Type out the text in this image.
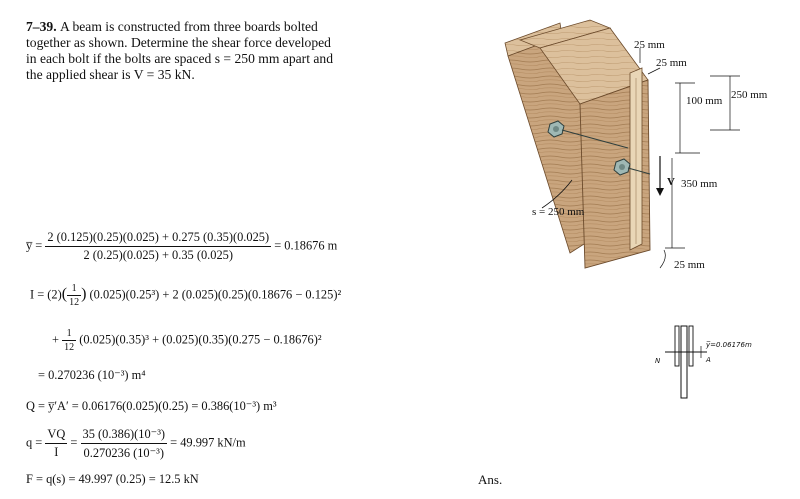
7–39. A beam is constructed from three boards bolted

together as shown. Determine the shear force developed

in each bolt if the bolts are spaced s = 250 mm apart and

the applied shear is V = 35 kN.

25 mm
25 mm
100 mm 250 mm
350 mm
V
s = 250 mm
25 mm
y̅=0.06176m
N	A
y̅ = $\frac{2 (0.125)(0.25)(0.025) + 0.275 (0.35)(0.025)}{2 (0.25)(0.025) + 0.35 (0.025)} = 0.18676$ m
$I = (2)( \frac{1}{12}$ ) (0.025)(0.25³) + 2 (0.025)(0.25)(0.18676 − 0.125)²
+ $\frac{1}{12} (0.025)(0.35)^3 + (0.025)(0.35)(0.275 - 0.18676)^2$
= 0.270236 (10⁻³) m⁴
Q = y̅′A′ = 0.06176(0.025)(0.25) = 0.386(10⁻³) m³
$q = \frac{VQ}{I} = \frac{\text{35 (0.386)(10⁻³)}}{\text{0.270236 (10⁻³)}} = 49.997$ kN/m
F = q(s) = 49.997 (0.25) = 12.5 kN	Ans.
